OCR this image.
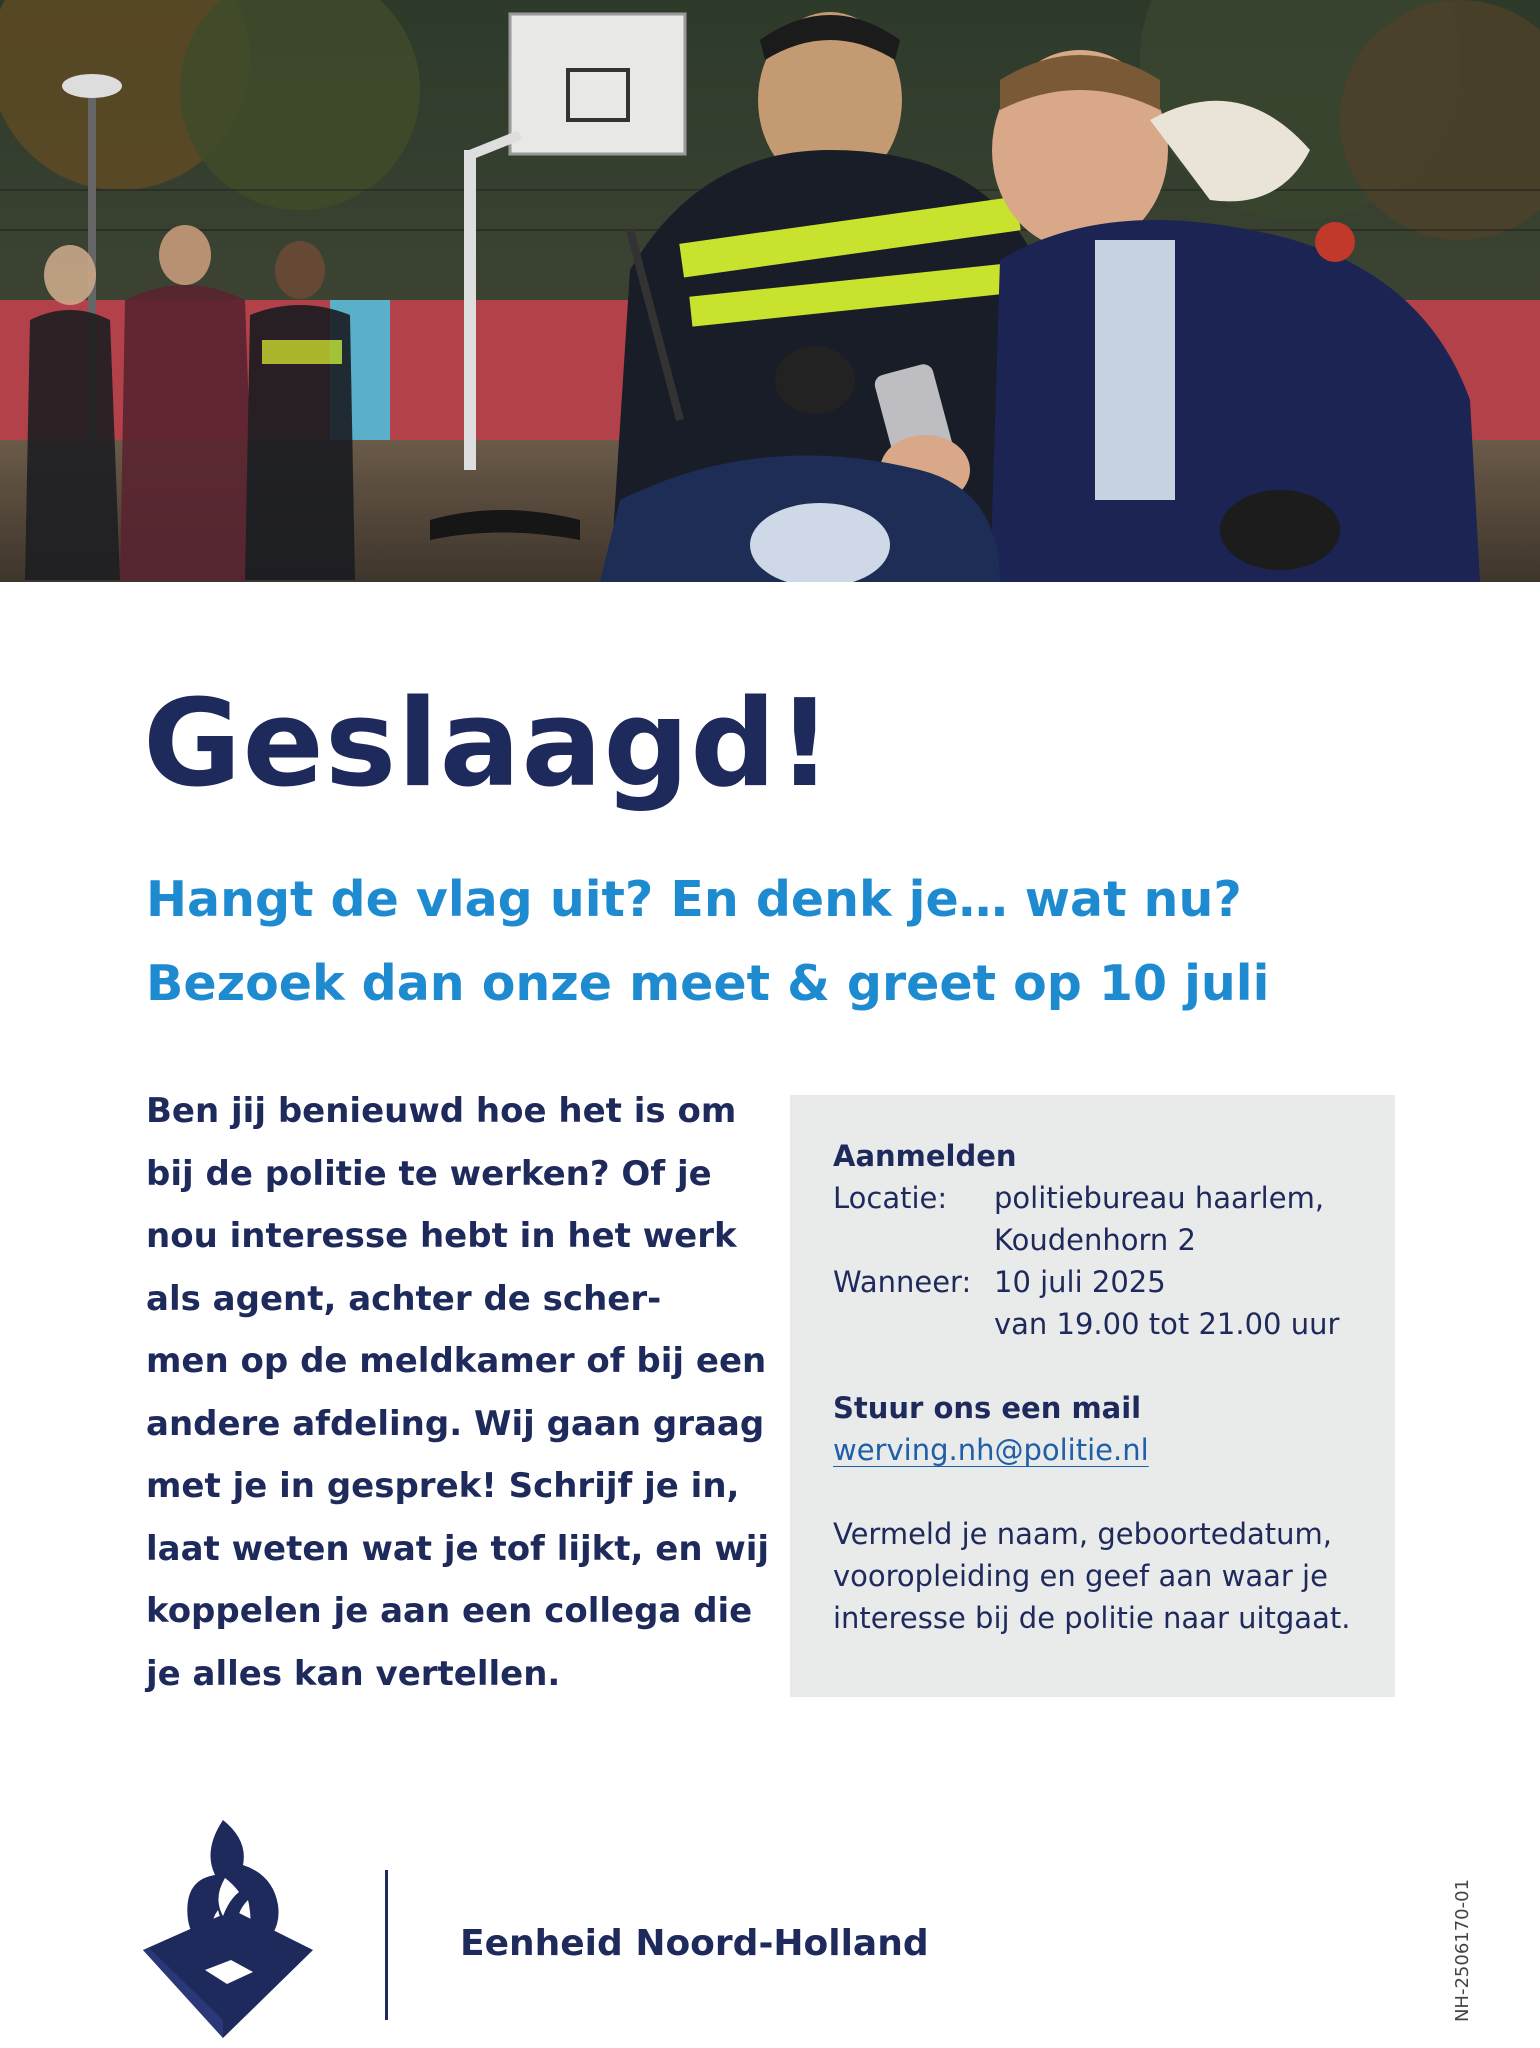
Geslaagd!
Hangt de vlag uit? En denk je… wat nu?
Bezoek dan onze meet & greet op 10 juli

Ben jij benieuwd hoe het is om
bij de politie te werken? Of je
nou interesse hebt in het werk
als agent, achter de scher-
men op de meldkamer of bij een
andere afdeling. Wij gaan graag
met je in gesprek! Schrijf je in,
laat weten wat je tof lijkt, en wij
koppelen je aan een collega die
je alles kan vertellen.

Aanmelden
Locatie:	politiebureau haarlem,
Koudenhorn 2
Wanneer: 10 juli 2025
van 19.00 tot 21.00 uur
Stuur ons een mail
werving.nh@politie.nl
Vermeld je naam, geboortedatum,
vooropleiding en geef aan waar je
interesse bij de politie naar uitgaat.
Eenheid Noord-Holland	NH-2506170-01
